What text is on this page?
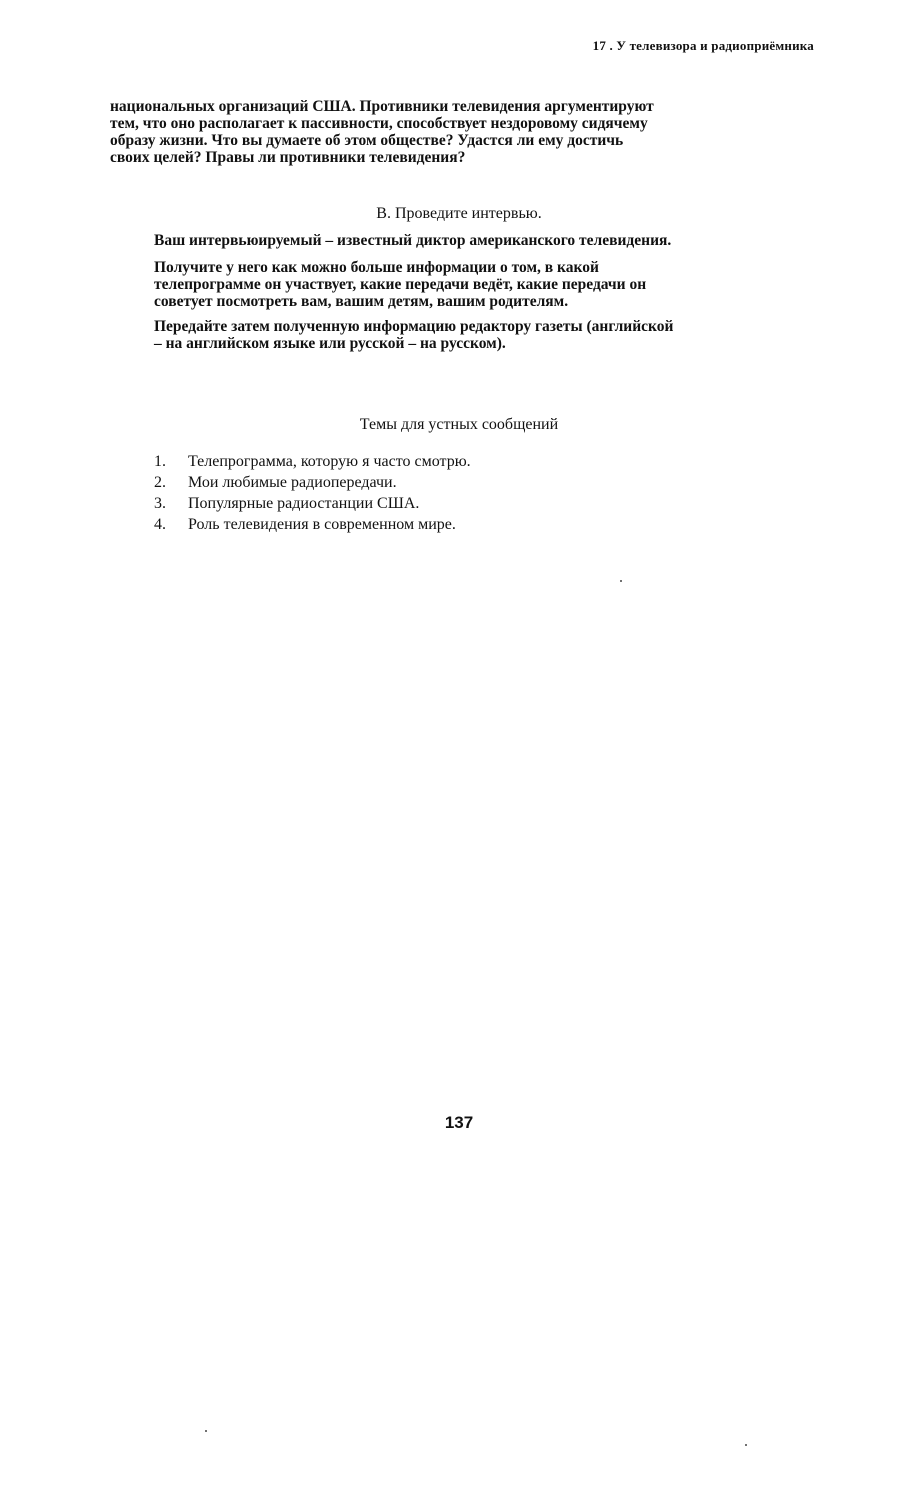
17 . У телевизора и радиоприёмника
национальных организаций США. Противники телевидения аргументируют
тем, что оно располагает к пассивности, способствует нездоровому сидячему
образу жизни. Что вы думаете об этом обществе? Удастся ли ему достичь
своих целей? Правы ли противники телевидения?
B. Проведите интервью.
Ваш интервьюируемый – известный диктор американского телевидения.
Получите у него как можно больше информации о том, в какой
телепрограмме он участвует, какие передачи ведёт, какие передачи он
советует посмотреть вам, вашим детям, вашим родителям.
Передайте затем полученную информацию редактору газеты (английской
– на английском языке или русской – на русском).
Темы для устных сообщений
1.	Телепрограмма, которую я часто смотрю.
2.	Мои любимые радиопередачи.
3.	Популярные радиостанции США.
4.	Роль телевидения в современном мире.
137
